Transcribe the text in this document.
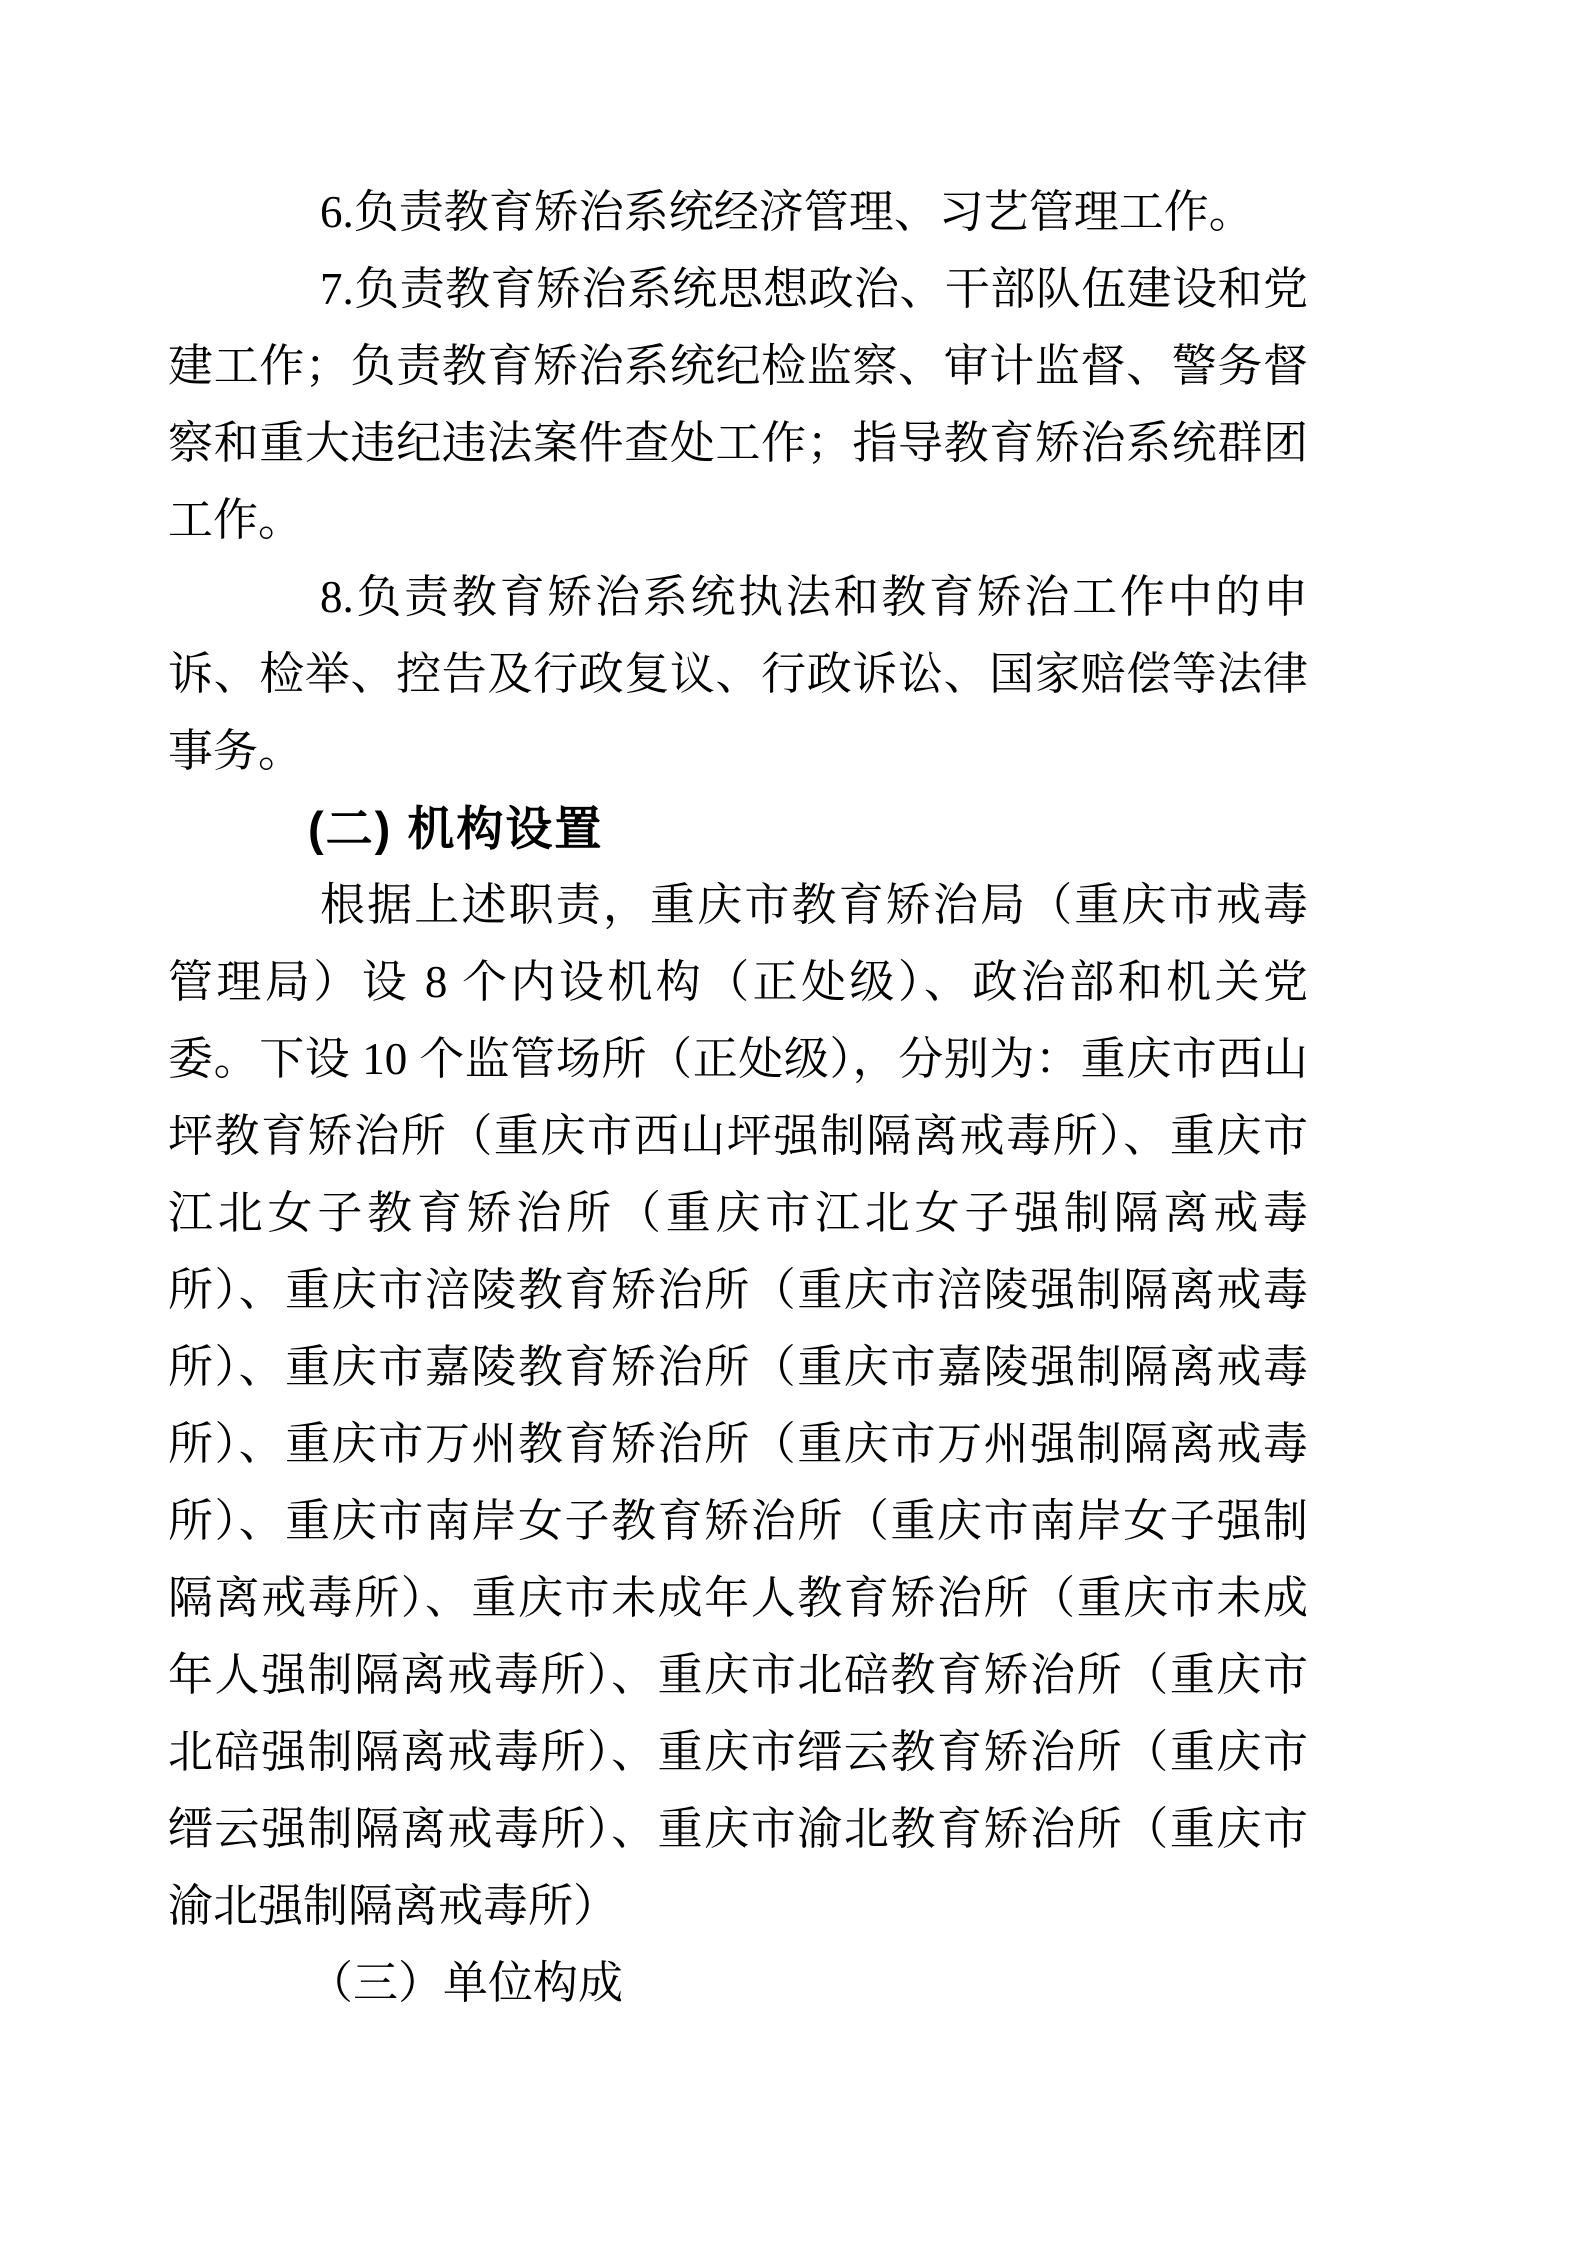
6.负责教育矫治系统经济管理、习艺管理工作。

7.负责教育矫治系统思想政治、干部队伍建设和党建工作；负责教育矫治系统纪检监察、审计监督、警务督察和重大违纪违法案件查处工作；指导教育矫治系统群团工作。

8.负责教育矫治系统执法和教育矫治工作中的申诉、检举、控告及行政复议、行政诉讼、国家赔偿等法律事务。

(二) 机构设置

根据上述职责，重庆市教育矫治局（重庆市戒毒管理局）设 8 个内设机构（正处级）、政治部和机关党委。下设 10 个监管场所（正处级），分别为：重庆市西山坪教育矫治所（重庆市西山坪强制隔离戒毒所）、重庆市江北女子教育矫治所（重庆市江北女子强制隔离戒毒所）、重庆市涪陵教育矫治所（重庆市涪陵强制隔离戒毒所）、重庆市嘉陵教育矫治所（重庆市嘉陵强制隔离戒毒所）、重庆市万州教育矫治所（重庆市万州强制隔离戒毒所）、重庆市南岸女子教育矫治所（重庆市南岸女子强制隔离戒毒所）、重庆市未成年人教育矫治所（重庆市未成年人强制隔离戒毒所）、重庆市北碚教育矫治所（重庆市北碚强制隔离戒毒所）、重庆市缙云教育矫治所（重庆市缙云强制隔离戒毒所）、重庆市渝北教育矫治所（重庆市渝北强制隔离戒毒所）

（三）单位构成
